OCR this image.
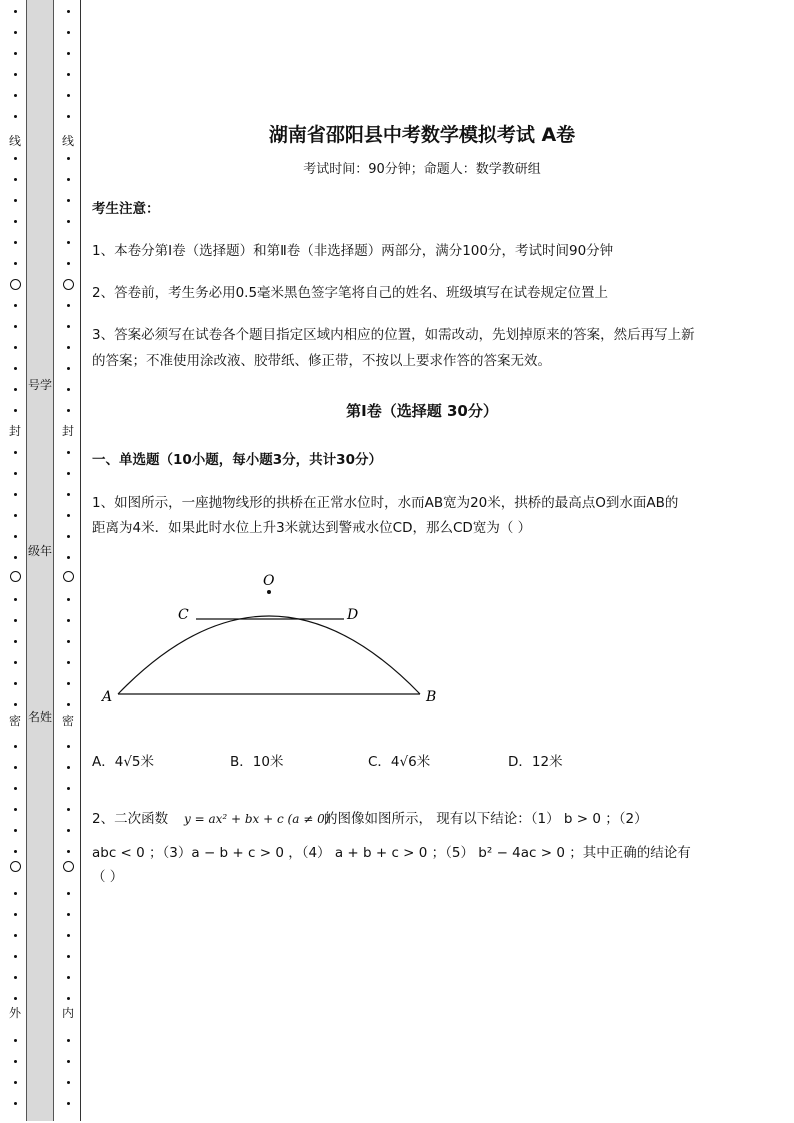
线
封
密
外
线
封
密
内
号学
级年
名姓
湖南省邵阳县中考数学模拟考试 A卷
考试时间：90分钟；命题人：数学教研组
考生注意：
1、本卷分第I卷（选择题）和第Ⅱ卷（非选择题）两部分，满分100分，考试时间90分钟
2、答卷前，考生务必用0.5毫米黑色签字笔将自己的姓名、班级填写在试卷规定位置上
3、答案必须写在试卷各个题目指定区域内相应的位置，如需改动，先划掉原来的答案，然后再写上新
的答案；不准使用涂改液、胶带纸、修正带，不按以上要求作答的答案无效。
第I卷（选择题 30分）
一、单选题（10小题，每小题3分，共计30分）
1、如图所示，一座抛物线形的拱桥在正常水位时，水而AB宽为20米，拱桥的最高点O到水面AB的
距离为4米．如果此时水位上升3米就达到警戒水位CD，那么CD宽为（ ）
A．4√5米	B．10米	C．4√6米	D．12米
2、二次函数 y = ax² + bx + c (a ≠ 0)
的图像如图所示， 现有以下结论：（1） b > 0 ；（2）
abc < 0 ；（3）a − b + c > 0 ，（4） a + b + c > 0 ；（5） b² − 4ac > 0 ；其中正确的结论有
（ ）
O
C	D
A	B
